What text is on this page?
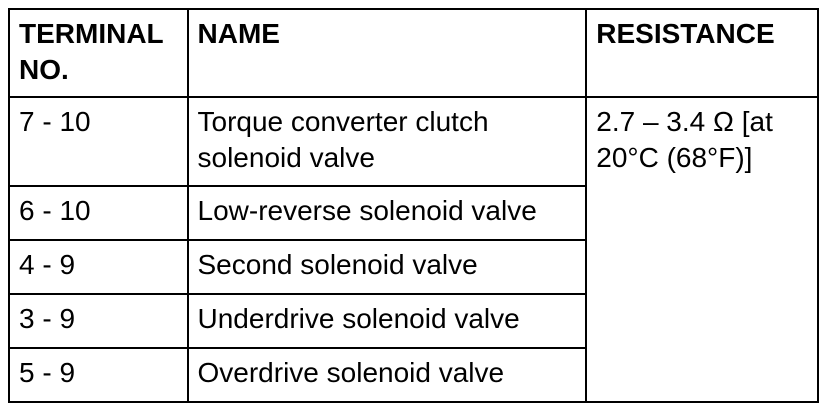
TERMINAL NO.	NAME	RESISTANCE
7 - 10	Torque converter clutch solenoid valve	2.7 – 3.4 Ω [at 20°C (68°F)]
6 - 10	Low-reverse solenoid valve	
4 - 9	Second solenoid valve	
3 - 9	Underdrive solenoid valve	
5 - 9	Overdrive solenoid valve	
